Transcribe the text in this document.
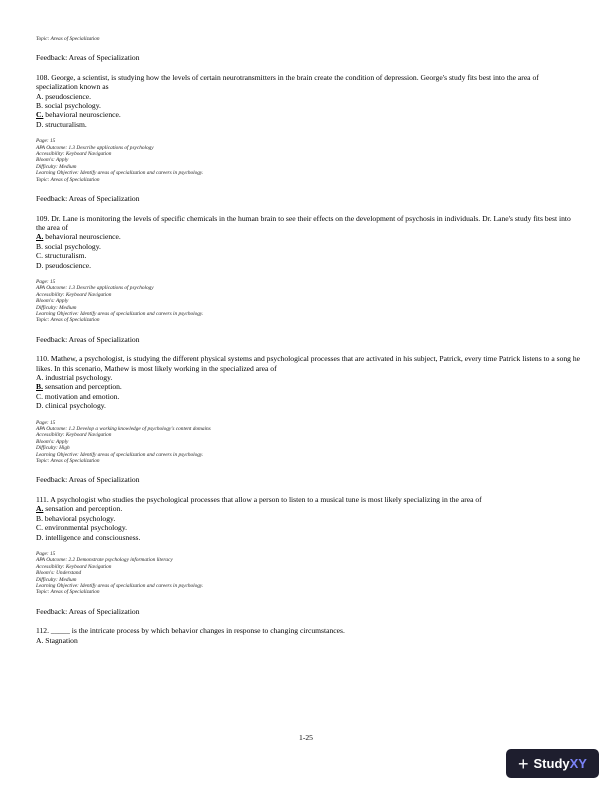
Topic: Areas of Specialization
Feedback: Areas of Specialization
108. George, a scientist, is studying how the levels of certain neurotransmitters in the brain create the condition of depression. George's study fits best into the area of specialization known as
A. pseudoscience.
B. social psychology.
C. behavioral neuroscience.
D. structuralism.
Page: 15
APA Outcome: 1.3 Describe applications of psychology
Accessibility: Keyboard Navigation
Bloom's: Apply
Difficulty: Medium
Learning Objective: Identify areas of specialization and careers in psychology.
Topic: Areas of Specialization
Feedback: Areas of Specialization
109. Dr. Lane is monitoring the levels of specific chemicals in the human brain to see their effects on the development of psychosis in individuals. Dr. Lane's study fits best into the area of
A. behavioral neuroscience.
B. social psychology.
C. structuralism.
D. pseudoscience.
Page: 15
APA Outcome: 1.3 Describe applications of psychology
Accessibility: Keyboard Navigation
Bloom's: Apply
Difficulty: Medium
Learning Objective: Identify areas of specialization and careers in psychology.
Topic: Areas of Specialization
Feedback: Areas of Specialization
110. Mathew, a psychologist, is studying the different physical systems and psychological processes that are activated in his subject, Patrick, every time Patrick listens to a song he likes. In this scenario, Mathew is most likely working in the specialized area of
A. industrial psychology.
B. sensation and perception.
C. motivation and emotion.
D. clinical psychology.
Page: 15
APA Outcome: 1.2 Develop a working knowledge of psychology's content domains
Accessibility: Keyboard Navigation
Bloom's: Apply
Difficulty: High
Learning Objective: Identify areas of specialization and careers in psychology.
Topic: Areas of Specialization
Feedback: Areas of Specialization
111. A psychologist who studies the psychological processes that allow a person to listen to a musical tune is most likely specializing in the area of
A. sensation and perception.
B. behavioral psychology.
C. environmental psychology.
D. intelligence and consciousness.
Page: 15
APA Outcome: 2.2 Demonstrate psychology information literacy
Accessibility: Keyboard Navigation
Bloom's: Understand
Difficulty: Medium
Learning Objective: Identify areas of specialization and careers in psychology.
Topic: Areas of Specialization
Feedback: Areas of Specialization
112. _____ is the intricate process by which behavior changes in response to changing circumstances.
A. Stagnation
1-25
+ Study XY
